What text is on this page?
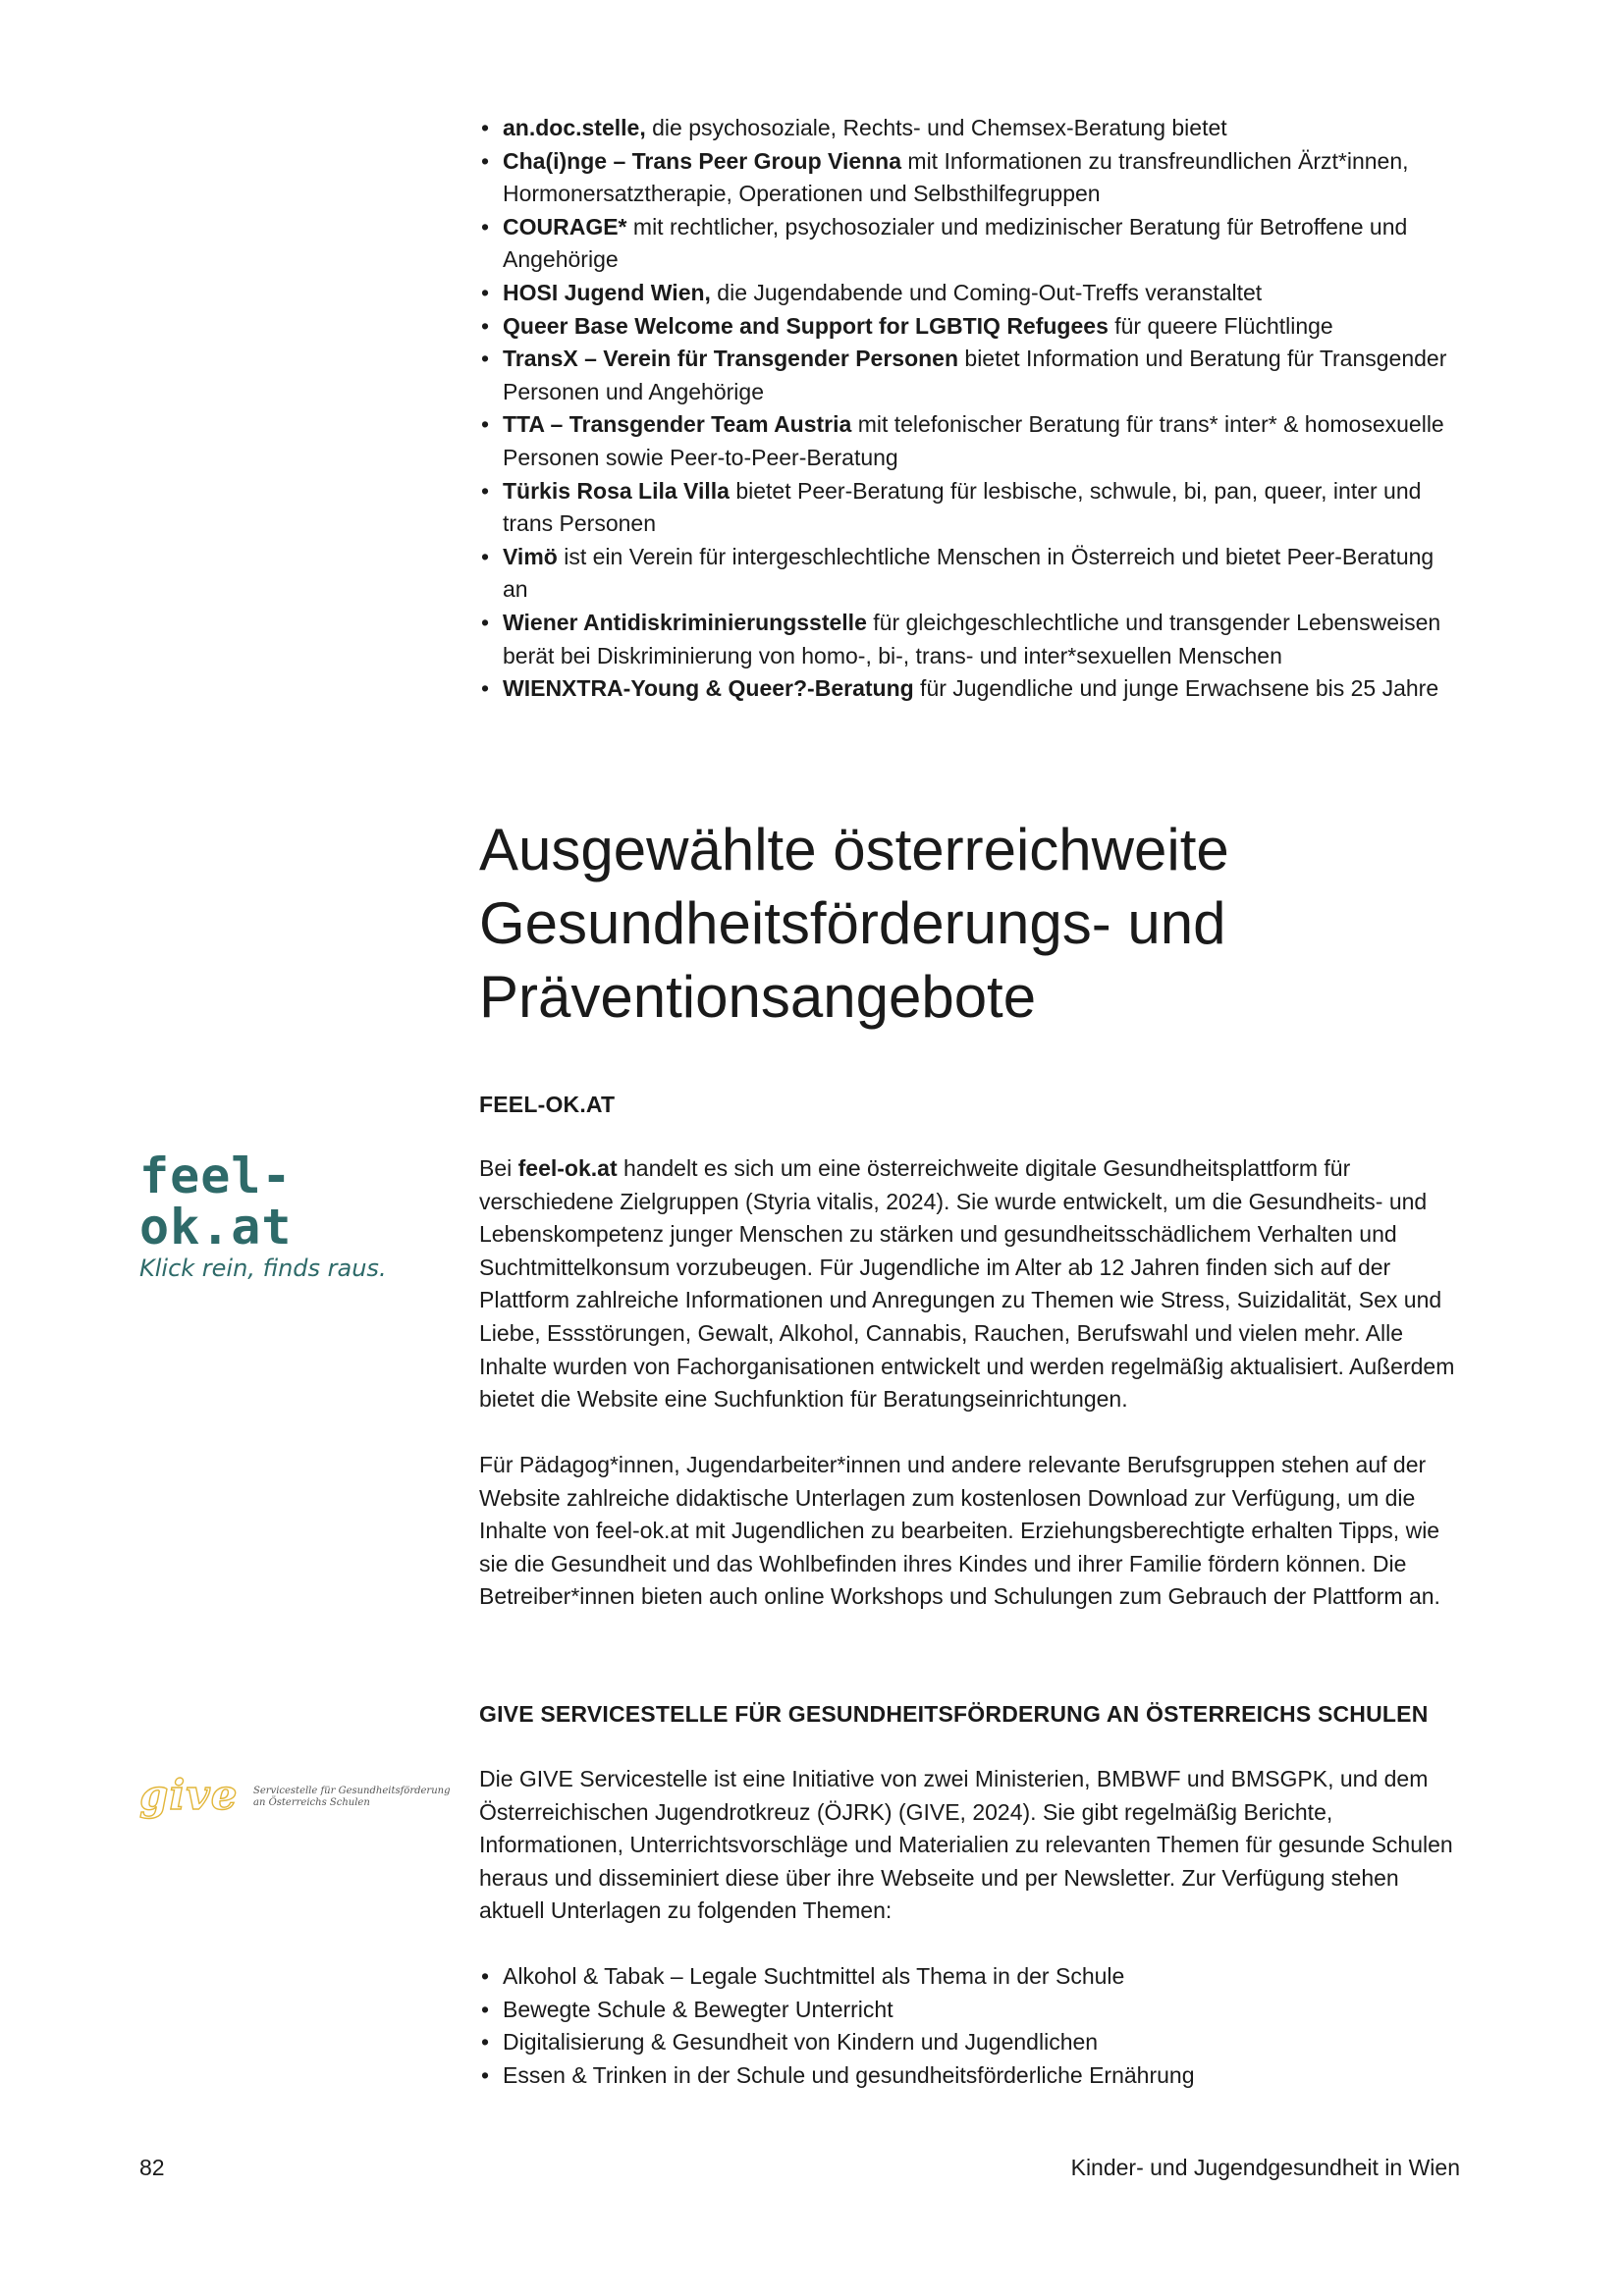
• an.doc.stelle, die psychosoziale, Rechts- und Chemsex-Beratung bietet
• Cha(i)nge – Trans Peer Group Vienna mit Informationen zu transfreundlichen Ärzt*innen, Hormonersatztherapie, Operationen und Selbsthilfegruppen
• COURAGE* mit rechtlicher, psychosozialer und medizinischer Beratung für Betroffene und Angehörige
• HOSI Jugend Wien, die Jugendabende und Coming-Out-Treffs veranstaltet
• Queer Base Welcome and Support for LGBTIQ Refugees für queere Flüchtlinge
• TransX – Verein für Transgender Personen bietet Information und Beratung für Transgender Personen und Angehörige
• TTA – Transgender Team Austria mit telefonischer Beratung für trans* inter* & homosexuelle Personen sowie Peer-to-Peer-Beratung
• Türkis Rosa Lila Villa bietet Peer-Beratung für lesbische, schwule, bi, pan, queer, inter und trans Personen
• Vimö ist ein Verein für intergeschlechtliche Menschen in Österreich und bietet Peer-Beratung an
• Wiener Antidiskriminierungsstelle für gleichgeschlechtliche und transgender Lebensweisen berät bei Diskriminierung von homo-, bi-, trans- und inter*sexuellen Menschen
• WIENXTRA-Young & Queer?-Beratung für Jugendliche und junge Erwachsene bis 25 Jahre
Ausgewählte österreichweite Gesundheitsförderungs- und Präventionsangebote
FEEL-OK.AT
feel-ok.at
Klick rein, finds raus.

Bei feel-ok.at handelt es sich um eine österreichweite digitale Gesundheitsplattform für verschiedene Zielgruppen (Styria vitalis, 2024). Sie wurde entwickelt, um die Gesundheits- und Lebenskompetenz junger Menschen zu stärken und gesundheitsschädlichem Verhalten und Suchtmittelkonsum vorzubeugen. Für Jugendliche im Alter ab 12 Jahren finden sich auf der Plattform zahlreiche Informationen und Anregungen zu Themen wie Stress, Suizidalität, Sex und Liebe, Essstörungen, Gewalt, Alkohol, Cannabis, Rauchen, Berufswahl und vielen mehr. Alle Inhalte wurden von Fachorganisationen entwickelt und werden regelmäßig aktualisiert. Außerdem bietet die Website eine Suchfunktion für Beratungseinrichtungen.

Für Pädagog*innen, Jugendarbeiter*innen und andere relevante Berufsgruppen stehen auf der Website zahlreiche didaktische Unterlagen zum kostenlosen Download zur Verfügung, um die Inhalte von feel-ok.at mit Jugendlichen zu bearbeiten. Erziehungsberechtigte erhalten Tipps, wie sie die Gesundheit und das Wohlbefinden ihres Kindes und ihrer Familie fördern können. Die Betreiber*innen bieten auch online Workshops und Schulungen zum Gebrauch der Plattform an.

GIVE SERVICESTELLE FÜR GESUNDHEITSFÖRDERUNG AN ÖSTERREICHS SCHULEN
give Servicestelle für Gesundheitsförderung
an Österreichs Schulen

Die GIVE Servicestelle ist eine Initiative von zwei Ministerien, BMBWF und BMSGPK, und dem Österreichischen Jugendrotkreuz (ÖJRK) (GIVE, 2024). Sie gibt regelmäßig Berichte, Informationen, Unterrichtsvorschläge und Materialien zu relevanten Themen für gesunde Schulen heraus und disseminiert diese über ihre Webseite und per Newsletter. Zur Verfügung stehen aktuell Unterlagen zu folgenden Themen:

• Alkohol & Tabak – Legale Suchtmittel als Thema in der Schule
• Bewegte Schule & Bewegter Unterricht
• Digitalisierung & Gesundheit von Kindern und Jugendlichen
• Essen & Trinken in der Schule und gesundheitsförderliche Ernährung
82	Kinder- und Jugendgesundheit in Wien
